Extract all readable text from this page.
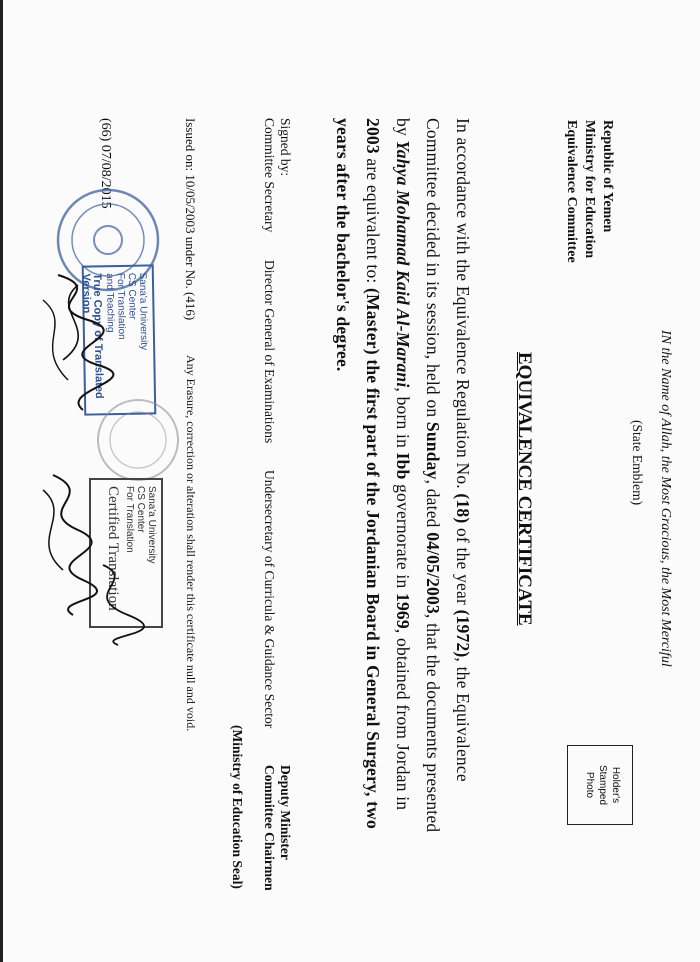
IN the Name of Allah, the Most Gracious, the Most Merciful
(State Emblem)
Republic of Yemen
Ministry for Education
Equivalence Committee
EQUIVALENCE CERTIFICATE
Holder's
Stamped
Photo
In accordance with the Equivalence Regulation No. (18) of the year (1972), the Equivalence
Committee decided in its session, held on Sunday, dated 04/05/2003, that the documents presented
by Yahya Mohamad Kaid Al-Marani, born in Ibb governorate in 1969, obtained from Jordan in
2003 are equivalent to: (Master) the first part of the Jordanian Board in General Surgery, two
years after the bachelor's degree.
Signed by:
Committee Secretary
Director General of Examinations
Undersecretary of Curricula & Guidance Sector
Deputy Minister
Committee Chairmen
(Ministry of Education Seal)
Issued on: 10/05/2003 under No. (416)
Any Erasure, correction or alteration shall render this certificate null and void.
(66) 07/08/2015
Sana'a University
CS Center
For Translation
and Teaching
True Copy of Translated Version
Sana'a University
CS Center
For Translation
Certified Translation
